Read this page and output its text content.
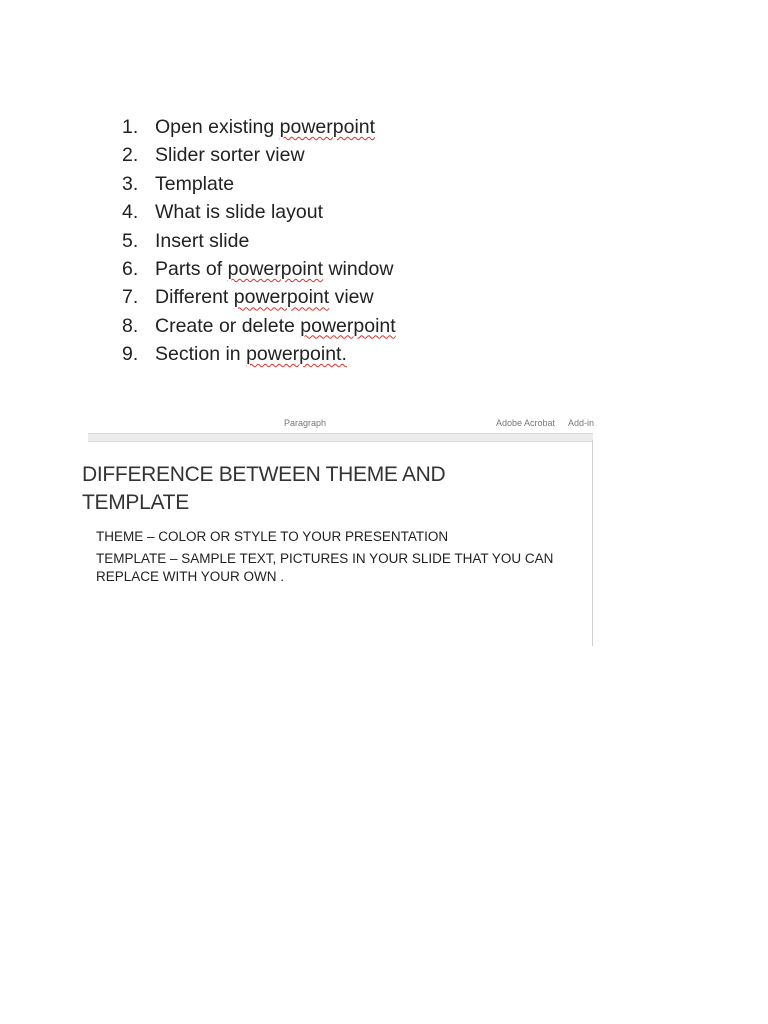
1. Open existing powerpoint
2. Slider sorter view
3. Template
4. What is slide layout
5. Insert slide
6. Parts of powerpoint window
7. Different powerpoint view
8. Create or delete powerpoint
9. Section in powerpoint.
Paragraph	Adobe Acrobat Add-in
DIFFERENCE BETWEEN THEME AND TEMPLATE

THEME – COLOR OR STYLE TO YOUR PRESENTATION

TEMPLATE – SAMPLE TEXT, PICTURES IN YOUR SLIDE THAT YOU CAN REPLACE WITH YOUR OWN .
